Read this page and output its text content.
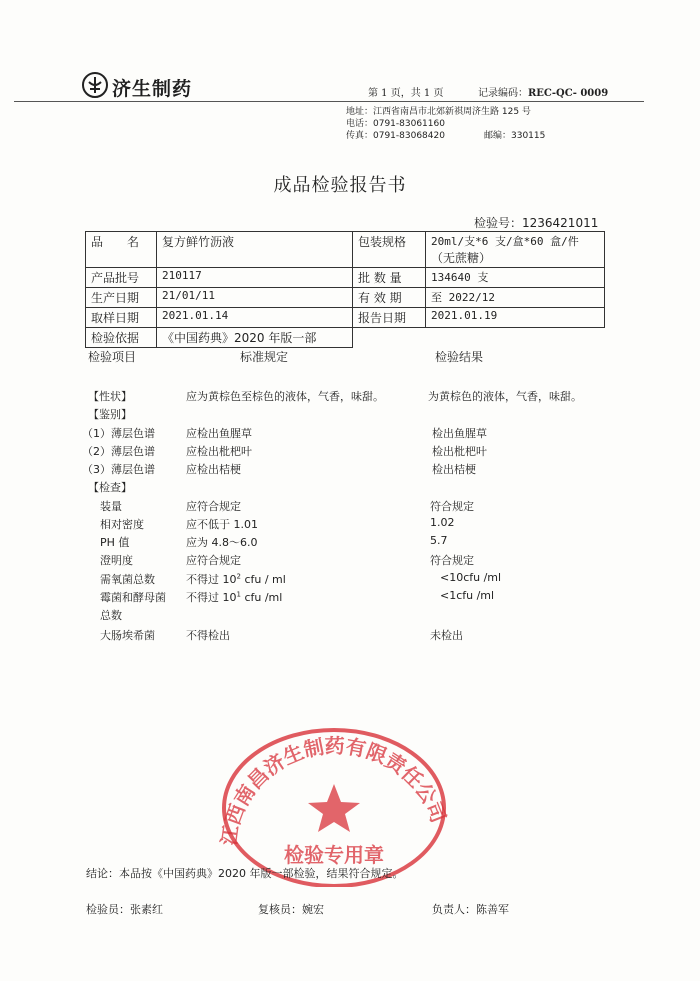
济生制药	第 1 页，共 1 页	记录编码：REC-QC- 0009
地址：江西省南昌市北郊新祺周济生路 125 号
电话：0791-83061160
传真：0791-83068420	邮编：330115
成品检验报告书
检验号：1236421011
品　　名	复方鲜竹沥液	包装规格	20ml/支*6 支/盒*60 盒/件
（无蔗糖）

产品批号	210117	批 数 量	134640 支
生产日期	21/01/11	有 效 期	至 2022/12
取样日期	2021.01.14	报告日期	2021.01.19
检验依据	《中国药典》2020 年版一部		
检验项目	标准规定	检验结果
【性状】	应为黄棕色至棕色的液体，气香，味甜。	为黄棕色的液体，气香，味甜。
【鉴别】
（1）薄层色谱	应检出鱼腥草	检出鱼腥草
（2）薄层色谱	应检出枇杷叶	检出枇杷叶
（3）薄层色谱	应检出桔梗	检出桔梗
【检查】
装量	应符合规定	符合规定
相对密度	应不低于 1.01	1.02
PH 值	应为 4.8～6.0	5.7
澄明度	应符合规定	符合规定
需氧菌总数	不得过 $10^2$ cfu / ml	<10cfu /ml
霉菌和酵母菌 不得过 $10^1$ cfu /ml	<1cfu /ml
总数
大肠埃希菌	不得检出	未检出
江西南昌济生制药有限责任公司
检验专用章
结论：本品按《中国药典》2020 年版一部检验，结果符合规定。
检验员：张素红	复核员：婉宏	负责人：陈善军
